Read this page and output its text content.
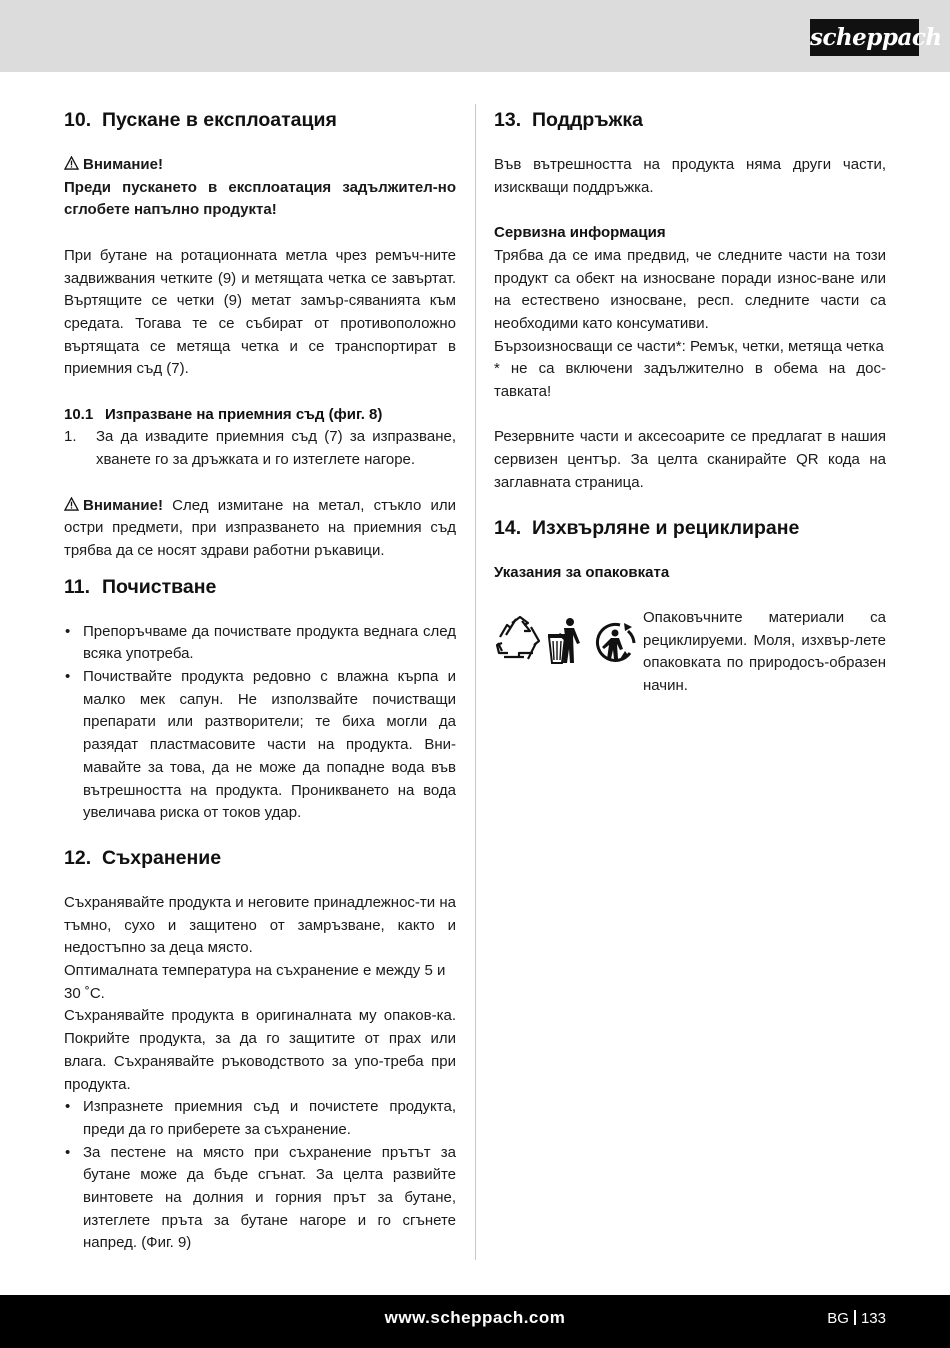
scheppach
10. Пускане в експлоатация

Внимание!

Преди пускането в експлоатация задължител-но сглобете напълно продукта!

При бутане на ротационната метла чрез ремъч-ните задвижвания четките (9) и метящата четка се завъртат. Въртящите се четки (9) метат замър-сяванията към средата. Тогава те се събират от противоположно въртящата се метяща четка и се транспортират в приемния съд (7).

10.1 Изпразване на приемния съд (фиг. 8)
1. За да извадите приемния съд (7) за изпразване, хванете го за дръжката и го изтеглете нагоре.

Внимание! След измитане на метал, стъкло или остри предмети, при изпразването на приемния съд трябва да се носят здрави работни ръкавици.

11. Почистване
• Препоръчваме да почиствате продукта веднага след всяка употреба.
• Почиствайте продукта редовно с влажна кърпа и малко мек сапун. Не използвайте почистващи препарати или разтворители; те биха могли да разядат пластмасовите части на продукта. Вни-мавайте за това, да не може да попадне вода във вътрешността на продукта. Проникването на вода увеличава риска от токов удар.
12. Съхранение

Съхранявайте продукта и неговите принадлежнос-ти на тъмно, сухо и защитено от замръзване, както и недостъпно за деца място.

Оптималната температура на съхранение е между 5 и 30 ˚C.

Съхранявайте продукта в оригиналната му опаков-ка. Покрийте продукта, за да го защитите от прах или влага. Съхранявайте ръководството за упо-треба при продукта.

• Изпразнете приемния съд и почистете продукта, преди да го приберете за съхранение.
• За пестене на място при съхранение прътът за бутане може да бъде сгънат. За целта развийте винтовете на долния и горния прът за бутане, изтеглете пръта за бутане нагоре и го сгънете напред. (Фиг. 9)
13. Поддръжка

Във вътрешността на продукта няма други части, изискващи поддръжка.

Сервизна информация

Трябва да се има предвид, че следните части на този продукт са обект на износване поради износ-ване или на естествено износване, респ. следните части са необходими като консумативи.

Бързоизносващи се части*: Ремък, четки, метяща четка

* не са включени задължително в обема на дос-тавката!

Резервните части и аксесоарите се предлагат в нашия сервизен център. За целта сканирайте QR кода на заглавната страница.

14. Изхвърляне и рециклиране
Указания за опаковката

Опаковъчните материали са рециклируеми. Моля, изхвър-лете опаковката по природосъ-образен начин.

www.scheppach.com	BG 133
